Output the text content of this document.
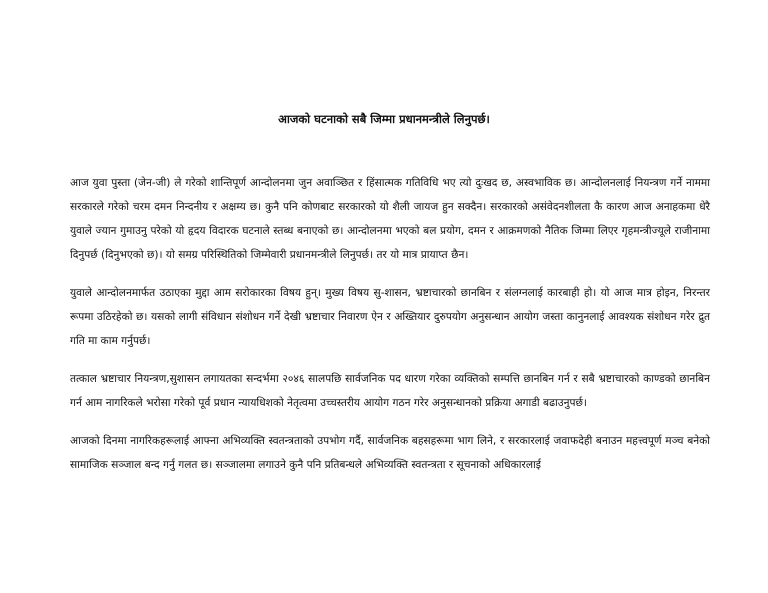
आजको घटनाको सबै जिम्मा प्रधानमन्त्रीले लिनुपर्छ।

आज युवा पुस्ता (जेन-जी) ले गरेको शान्तिपूर्ण आन्दोलनमा जुन अवाञ्छित र हिंसात्मक गतिविधि भए त्यो दुःखद छ, अस्वभाविक छ। आन्दोलनलाई नियन्त्रण गर्ने नाममा सरकारले गरेको चरम दमन निन्दनीय र अक्षम्य छ। कुनै पनि कोणबाट सरकारको यो शैली जायज हुन सक्दैन। सरकारको असंवेदनशीलता कै कारण आज अनाहकमा धेरै युवाले ज्यान गुमाउनु परेको यो हृदय विदारक घटनाले स्तब्ध बनाएको छ। आन्दोलनमा भएको बल प्रयोग, दमन र आक्रमणको नैतिक जिम्मा लिएर गृहमन्त्रीज्यूले राजीनामा दिनुपर्छ (दिनुभएको छ)। यो समग्र परिस्थितिको जिम्मेवारी प्रधानमन्त्रीले लिनुपर्छ। तर यो मात्र प्रायाप्त छैन।

युवाले आन्दोलनमार्फत उठाएका मुद्दा आम सरोकारका विषय हुन्। मुख्य विषय सु-शासन, भ्रष्टाचारको छानबिन र संलग्नलाई कारबाही हो। यो आज मात्र होइन, निरन्तर रूपमा उठिरहेको छ। यसको लागी संविधान संशोधन गर्ने देखी भ्रष्टाचार निवारण ऐन र अख्तियार दुरुपयोग अनुसन्धान आयोग जस्ता कानुनलाई आवश्यक संशोधन गरेर द्रुत गति मा काम गर्नुपर्छ।

तत्काल भ्रष्टाचार नियन्त्रण,सुशासन लगायतका सन्दर्भमा २०४६ सालपछि सार्वजनिक पद धारण गरेका व्यक्तिको सम्पत्ति छानबिन गर्न र सबै भ्रष्टाचारको काण्डको छानबिन गर्न आम नागरिकले भरोसा गरेको पूर्व प्रधान न्यायधिशको नेतृत्वमा उच्चस्तरीय आयोग गठन गरेर अनुसन्धानको प्रक्रिया अगाडी बढाउनुपर्छ।

आजको दिनमा नागरिकहरूलाई आफ्ना अभिव्यक्ति स्वतन्त्रताको उपभोग गर्दै, सार्वजनिक बहसहरूमा भाग लिने, र सरकारलाई जवाफदेही बनाउन महत्त्वपूर्ण मञ्च बनेको सामाजिक सञ्जाल बन्द गर्नु गलत छ। सञ्जालमा लगाउने कुनै पनि प्रतिबन्धले अभिव्यक्ति स्वतन्त्रता र सूचनाको अधिकारलाई
